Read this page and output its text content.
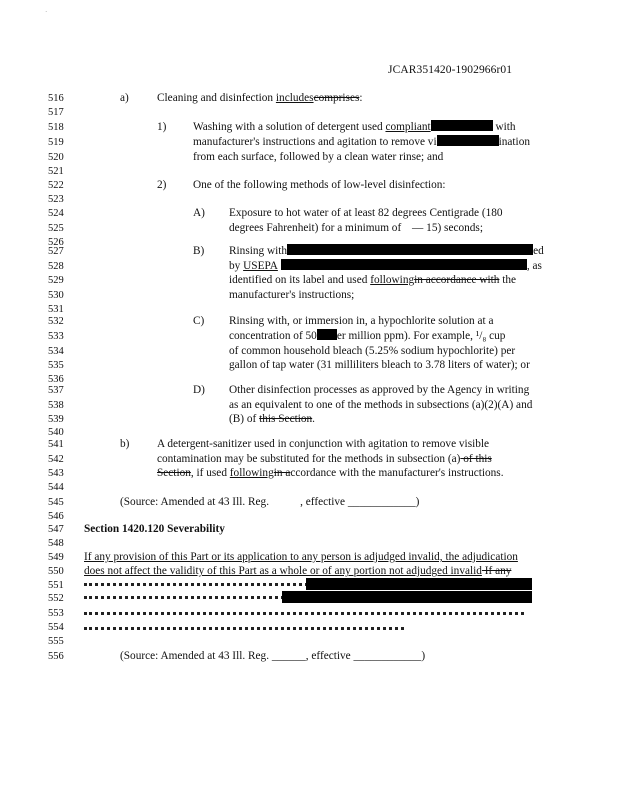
·
JCAR351420-1902966r01
516
517
518
519
520
521
522
523
524
525
526
527
528
529
530
531
532
533
534
535
536
537
538
539
540
541
542
543
544
545
546
547
548
549
550
551
552
553
554
555
556
a) Cleaning and disinfection includescomprises:
1) Washing with a solution of detergent used compliant	with
manufacturer's instructions and agitation to remove vi	ination
from each surface, followed by a clean water rinse; and
2) One of the following methods of low-level disinfection:
A) Exposure to hot water of at least 82 degrees Centigrade (180
degrees Fahrenheit) for a minimum of — 15) seconds;
B) Rinsing with	ed
by USEPA	, as
identified on its label and used followingin accordance with the
manufacturer's instructions;
C) Rinsing with, or immersion in, a hypochlorite solution at a
concentration of 50 er million ppm). For example, ¹/₈ cup
of common household bleach (5.25% sodium hypochlorite) per
gallon of tap water (31 milliliters bleach to 3.78 liters of water); or
D) Other disinfection processes as approved by the Agency in writing
as an equivalent to one of the methods in subsections (a)(2)(A) and
(B) of this Section.
b) A detergent-sanitizer used in conjunction with agitation to remove visible
contamination may be substituted for the methods in subsection (a) of this
Section, if used followingin accordance with the manufacturer's instructions.
(Source: Amended at 43 Ill. Reg.	, effective ____________)
Section 1420.120 Severability
If any provision of this Part or its application to any person is adjudged invalid, the adjudication
does not affect the validity of this Part as a whole or of any portion not adjudged invalid If any
(Source: Amended at 43 Ill. Reg. ______, effective ____________)
